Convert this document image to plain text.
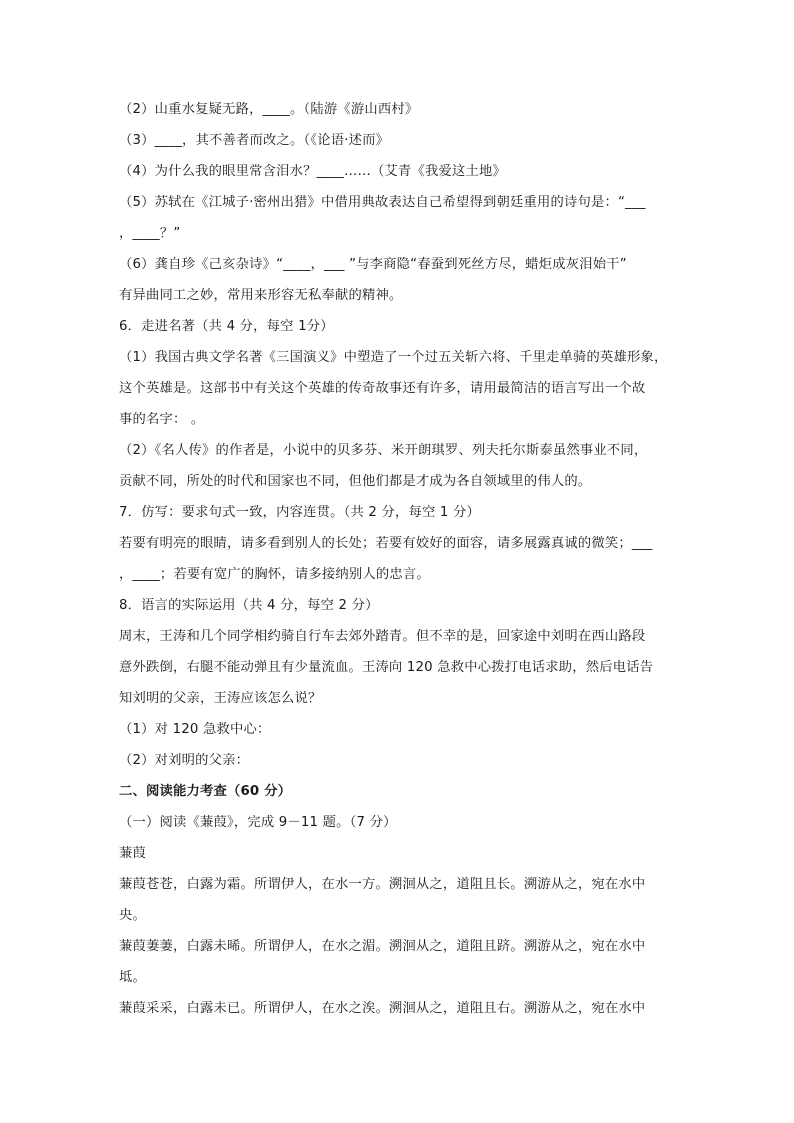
（2）山重水复疑无路，____。（陆游《游山西村》
（3）____，其不善者而改之。（《论语·述而》
（4）为什么我的眼里常含泪水？____……（艾青《我爱这土地》
（5）苏轼在《江城子·密州出猎》中借用典故表达自己希望得到朝廷重用的诗句是：“___
，____？”
（6）龚自珍《己亥杂诗》“____，___ ”与李商隐“春蚕到死丝方尽，蜡炬成灰泪始干”
有异曲同工之妙，常用来形容无私奉献的精神。
6．走进名著（共 4 分，每空 1分）
（1）我国古典文学名著《三国演义》中塑造了一个过五关斩六将、千里走单骑的英雄形象，
这个英雄是。这部书中有关这个英雄的传奇故事还有许多，请用最简洁的语言写出一个故
事的名字： 。
（2）《名人传》的作者是，小说中的贝多芬、米开朗琪罗、列夫托尔斯泰虽然事业不同，
贡献不同，所处的时代和国家也不同，但他们都是才成为各自领域里的伟人的。
7．仿写：要求句式一致，内容连贯。（共 2 分，每空 1 分）
若要有明亮的眼睛，请多看到别人的长处；若要有姣好的面容，请多展露真诚的微笑；___
，____；若要有宽广的胸怀，请多接纳别人的忠言。
8．语言的实际运用（共 4 分，每空 2 分）
周末，王涛和几个同学相约骑自行车去郊外踏青。但不幸的是，回家途中刘明在西山路段
意外跌倒，右腿不能动弹且有少量流血。王涛向 120 急救中心拨打电话求助，然后电话告
知刘明的父亲，王涛应该怎么说？
（1）对 120 急救中心：
（2）对刘明的父亲：
二、阅读能力考查（60 分）
（一）阅读《蒹葭》，完成 9－11 题。（7 分）
蒹葭
蒹葭苍苍，白露为霜。所谓伊人，在水一方。溯洄从之，道阻且长。溯游从之，宛在水中
央。
蒹葭萋萋，白露未晞。所谓伊人，在水之湄。溯洄从之，道阻且跻。溯游从之，宛在水中
坻。
蒹葭采采，白露未已。所谓伊人，在水之涘。溯洄从之，道阻且右。溯游从之，宛在水中
